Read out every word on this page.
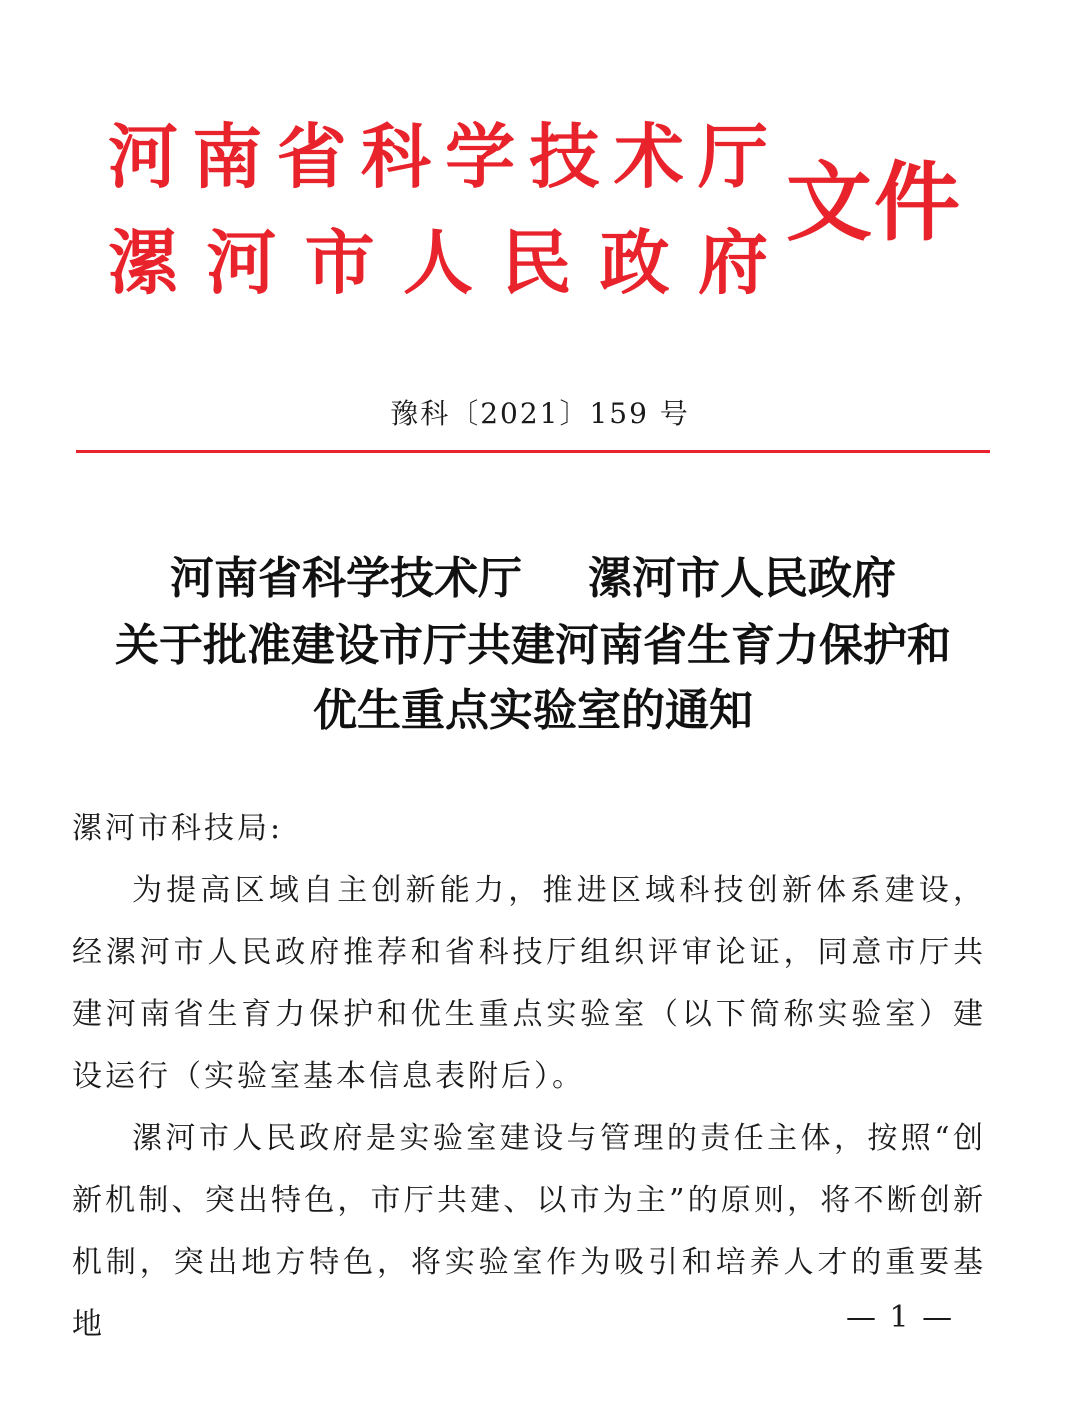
河南省科学技术厅
漯河市人民政府
文件
豫科〔2021〕159 号
河南省科学技术厅 漯河市人民政府
关于批准建设市厅共建河南省生育力保护和
优生重点实验室的通知
漯河市科技局:

为提高区域自主创新能力，推进区域科技创新体系建设，经漯河市人民政府推荐和省科技厅组织评审论证，同意市厅共建河南省生育力保护和优生重点实验室（以下简称实验室）建设运行（实验室基本信息表附后）。

漯河市人民政府是实验室建设与管理的责任主体，按照“创新机制、突出特色，市厅共建、以市为主”的原则，将不断创新机制，突出地方特色，将实验室作为吸引和培养人才的重要基地	— 1 —
